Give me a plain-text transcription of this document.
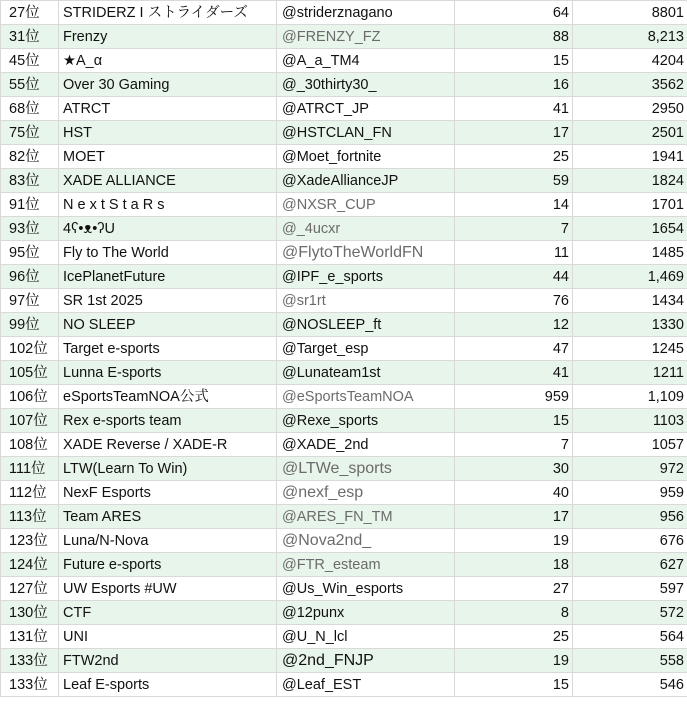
27位	STRIDERZ I ストライダーズ	@striderznagano	64	8801
31位	Frenzy	@FRENZY_FZ	88	8,213
45位	★A_α	@A_a_TM4	15	4204
55位	Over 30 Gaming	@_30thirty30_	16	3562
68位	ATRCT	@ATRCT_JP	41	2950
75位	HST	@HSTCLAN_FN	17	2501
82位	MOET	@Moet_fortnite	25	1941
83位	XADE ALLIANCE	@XadeAllianceJP	59	1824
91位	N e x t S t a R s	@NXSR_CUP	14	1701
93位	4ʕ•ᴥ•ʔU	@_4ucxr	7	1654
95位	Fly to The World	@FlytoTheWorldFN	11	1485
96位	IcePlanetFuture	@IPF_e_sports	44	1,469
97位	SR 1st 2025	@sr1rt	76	1434
99位	NO SLEEP	@NOSLEEP_ft	12	1330
102位	Target e-sports	@Target_esp	47	1245
105位	Lunna E-sports	@Lunateam1st	41	1211
106位	eSportsTeamNOA公式	@eSportsTeamNOA	959	1,109
107位	Rex e-sports team	@Rexe_sports	15	1103
108位	XADE Reverse / XADE-R	@XADE_2nd	7	1057
111位	LTW(Learn To Win)	@LTWe_sports	30	972
112位	NexF Esports	@nexf_esp	40	959
113位	Team ARES	@ARES_FN_TM	17	956
123位	Luna/N-Nova	@Nova2nd_	19	676
124位	Future e-sports	@FTR_esteam	18	627
127位	UW Esports #UW	@Us_Win_esports	27	597
130位	CTF	@12punx	8	572
131位	UNI	@U_N_lcl	25	564
133位	FTW2nd	@2nd_FNJP	19	558
133位	Leaf E-sports	@Leaf_EST	15	546
